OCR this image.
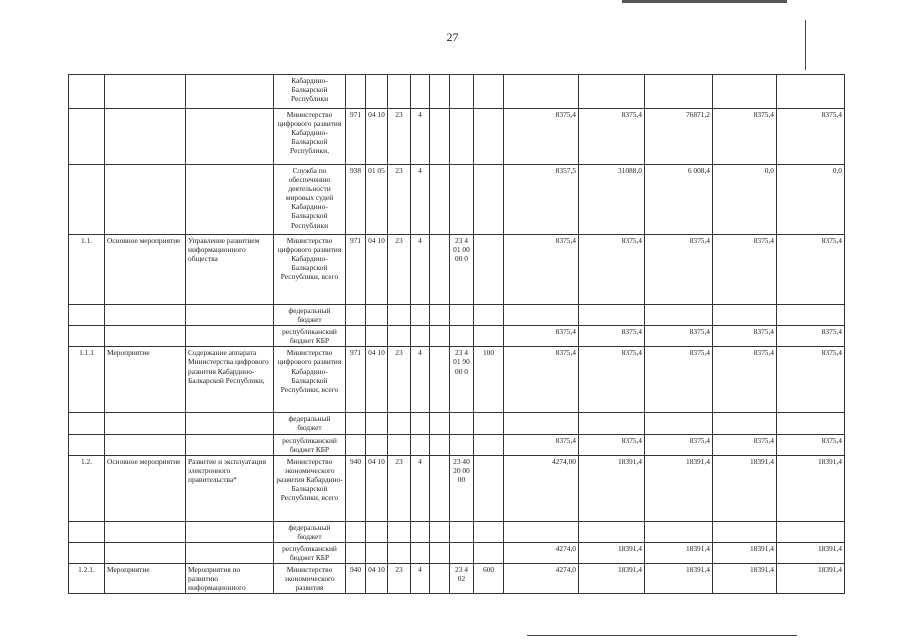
27
			Кабардино-Балкарской Республики												
			Министерство цифрового развития Кабардино-Балкарской Республики,	971	04 10	23	4				8375,4	8375,4	76871,2	8375,4	8375,4
			Служба по обеспечению деятельности мировых судей Кабардино-Балкарской Республики	938	01 05	23	4				8357,5	31088,0	6 008,4	0,0	0,0
1.1.	Основное мероприятие	Управление развитием информационного общества	Министерство цифрового развития Кабардино-Балкарской Республики, всего	971	04 10	23	4		23 4 01 00 00 0		8375,4	8375,4	8375,4	8375,4	8375,4
			федеральный бюджет												
			республиканский бюджет КБР								8375,4	8375,4	8375,4	8375,4	8375,4
1.1.1	Мероприятие	Содержание аппарата Министерства цифрового развития Кабардино-Балкарской Республики,	Министерство цифрового развития Кабардино-Балкарской Республики, всего	971	04 10	23	4		23 4 01 90 00 0	100	8375,4	8375,4	8375,4	8375,4	8375,4
			федеральный бюджет												
			республиканский бюджет КБР								8375,4	8375,4	8375,4	8375,4	8375,4
1.2.	Основное мероприятие	Развитие и эксплуатация электронного правительства*	Министерство экономического развития Кабардино-Балкарской Республики, всего	940	04 10	23	4		23 40 20 00 00		4274,00	18391,4	18391,4	18391,4	18391,4
			федеральный бюджет												
			республиканский бюджет КБР								4274,0	18391,4	18391,4	18391,4	18391,4
1.2.1.	Мероприятие	Мероприятия по развитию информационного	Министерство экономического развития	940	04 10	23	4		23 4 02	600	4274,0	18391,4	18391,4	18391,4	18391,4
